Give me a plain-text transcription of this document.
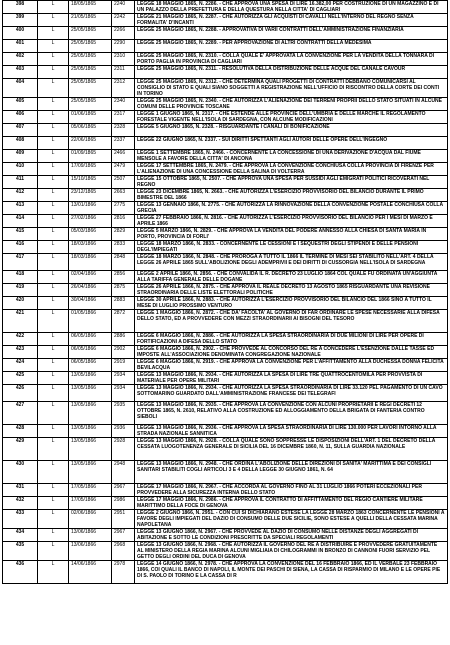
398	L	18/05/1865	2240	LEGGE 18 MAGGIO 1865, N. 2286. - CHE APPROVA UNA SPESA DI LIRE 16.382,00 PER COSTRUZIONE DI UN MAGAZZINO E DI UN PALAZZO DELLA PREFETTURA E DELLA QUESTURA NELLA CITTA' DI CAGLIARI
399	L	21/05/1865	2242	LEGGE 21 MAGGIO 1865, N. 2287. - CHE AUTORIZZA GLI ACQUISTI DI CAVALLI NELL'INTERNO DEL REGNO SENZA FORMALITA' D'INCANTI
400	L	25/05/1865	2266	LEGGE 25 MAGGIO 1865, N. 2288. - APPROVATIVA DI VARII CONTRATTI DELL'AMMINISTRAZIONE FINANZIARIA
401	L	25/05/1865	2290	LEGGE 25 MAGGIO 1865, N. 2289. - PER APPROVAZIONE DI ALTRI CONTRATTI DELLA MEDESIMA
402	L	25/05/1865	2310	LEGGE 25 MAGGIO 1865, N. 2310. - COLLA QUALE E' APPROVATA LA CONVENZIONE PER LA VENDITA DELLA TONNARA DI PORTO PAGLIA IN PROVINCIA DI CAGLIARI
403	L	25/05/1865	2311	LEGGE 25 MAGGIO 1865, N. 2311. - RESOLUTIVA DELLA DISTRIBUZIONE DELLE ACQUE DEL CANALE CAVOUR
404	L	25/05/1865	2312	LEGGE 25 MAGGIO 1865, N. 2312. - CHE DETERMINA QUALI PROGETTI DI CONTRATTI DEBBANO COMUNICARSI AL CONSIGLIO DI STATO E QUALI SIANO SOGGETTI A REGISTRAZIONE NELL'UFFICIO DI RISCONTRO DELLA CORTE DEI CONTI IN TORINO
405	L	25/05/1865	2340	LEGGE 25 MAGGIO 1865, N. 2340. - CHE AUTORIZZA L'ALIENAZIONE DEI TERRENI PROPRII DELLO STATO SITUATI IN ALCUNE COMUNI DELLE PROVINCIE TOSCANE
406	L	01/06/1865	2317	LEGGE 1 GIUGNO 1865, N. 2317. - CHE ESTENDE ALLE PROVINCIE DELL'UMBRIA E DELLE MARCHE IL REGOLAMENTO FORESTALE VIGENTE NELL'ISOLA DI SARDEGNA, CON ALCUNE MODIFICAZIONI
407	L	05/06/1865	2328	LEGGE 5 GIUGNO 1865, N. 2328. - RISGUARDANTE I CANALI DI BONIFICAZIONE
408	L	22/06/1865	2337	LEGGE 22 GIUGNO 1865, N. 2337. - SUI DIRITTI SPETTANTI AGLI AUTORI DELLE OPERE DELL'INGEGNO
409	L	01/09/1865	2466	LEGGE 1 SETTEMBRE 1865, N. 2466. - CONCERNENTE LA CONCESSIONE DI UNA DERIVAZIONE D'ACQUA DAL FIUME MENSOLE A FAVORE DELLA CITTA' DI ANCONA
410	L	17/09/1865	2479	LEGGE 17 SETTEMBRE 1865, N. 2479. - CHE APPROVA LA CONVENZIONE CONCHIUSA COLLA PROVINCIA DI FIRENZE PER L'ALIENAZIONE DI UNA CONCESSIONE DELLA SALINA DI VOLTERRA
411	L	15/10/1865	2507	LEGGE 15 OTTOBRE 1865, N. 2507. - CHE APPROVA UNA SPESA PER SUSSIDI AGLI EMIGRATI POLITICI RICOVERATI NEL REGNO
412	L	23/12/1865	2663	LEGGE 23 DICEMBRE 1865, N. 2663. - CHE AUTORIZZA L'ESERCIZIO PROVVISORIO DEL BILANCIO DURANTE IL PRIMO BIMESTRE DEL 1866
413	L	13/01/1866	2775	LEGGE 13 GENNAIO 1866, N. 2775. - CHE AUTORIZZA LA RINNOVAZIONE DELLA CONVENZIONE POSTALE CONCHIUSA COLLA GRECIA
414	L	27/02/1866	2816	LEGGE 27 FEBBRAIO 1866, N. 2816. - CHE AUTORIZZA L'ESERCIZIO PROVVISORIO DEL BILANCIO PER I MESI DI MARZO E APRILE 1866
415	L	05/03/1866	2829	LEGGE 5 MARZO 1866, N. 2829. - CHE APPROVA LA VENDITA DEL PODERE ANNESSO ALLA CHIESA DI SANTA MARIA IN PORTO, PROVINCIA DI FORLI'
416	L	18/03/1866	2833	LEGGE 18 MARZO 1866, N. 2833. - CONCERNENTE LE CESSIONI E I SEQUESTRI DEGLI STIPENDI E DELLE PENSIONI DEGL'IMPIEGATI
417	L	18/03/1866	2848	LEGGE 18 MARZO 1866, N. 2848. - CHE PROROGA A TUTTO IL 1866 IL TERMINE DI MESI SEI STABILITO NELL'ART. 4 DELLA LEGGE 26 APRILE 1865 SULL'ABOLIZIONE DEGLI ADEMPRIVII E DEI DIRITTI DI CUSSORGIA NELL'ISOLA DI SARDEGNA
418	L	02/04/1866	2856	LEGGE 2 APRILE 1866, N. 2856. - CHE CONVALIDA IL R. DECRETO 23 LUGLIO 1864 COL QUALE FU ORDINATA UN'AGGIUNTA ALLA TARIFFA GENERALE DELLE DOGANE
419	L	26/04/1866	2875	LEGGE 26 APRILE 1866, N. 2875. - CHE APPROVA IL REALE DECRETO 13 AGOSTO 1865 RISGUARDANTE UNA REVISIONE STRAORDINARIA DELLE LISTE ELETTORALI POLITICHE
420	L	30/04/1866	2883	LEGGE 30 APRILE 1866, N. 2883. - CHE AUTORIZZA L'ESERCIZIO PROVVISORIO DEL BILANCIO DEL 1866 SINO A TUTTO IL MESE DI LUGLIO PROSSIMO VENTURO
421	L	01/05/1866	2872	LEGGE 1 MAGGIO 1866, N. 2872. - CHE DA' FACOLTA' AL GOVERNO DI FAR ORDINARE LE SPESE NECESSARIE ALLA DIFESA DELLO STATO, ED A PROVVEDERE CON MEZZI STRAORDINARII AI BISOGNI DEL TESORO
422	L	06/05/1866	2886	LEGGE 6 MAGGIO 1866, N. 2886. - CHE AUTORIZZA LA SPESA STRAORDINARIA DI DUE MILIONI DI LIRE PER OPERE DI FORTIFICAZIONI A DIFESA DELLO STATO
423	L	06/05/1866	2902	LEGGE 6 MAGGIO 1866, N. 2902. - CHE PROVVEDE AL CONCORSO DEL RE A CONCEDERE L'ESENZIONE DALLE TASSE ED IMPOSTE ALL'ASSOCIAZIONE DENOMINATA CONGREGAZIONE NAZIONALE
424	L	06/05/1866	2919	LEGGE 6 MAGGIO 1866, N. 2919. - CHE APPROVA LA CONVENZIONE PER L'AFFITTAMENTO ALLA DUCHESSA DONNA FELICITA BEVILACQUA
425	L	13/05/1866	2934	LEGGE 13 MAGGIO 1866, N. 2934. - CHE AUTORIZZA LA SPESA DI LIRE TRE QUATTROCENTOMILA PER PROVVISTA DI MATERIALE PER OPERE MILITARI
426	L	13/05/1866	2934	LEGGE 13 MAGGIO 1866, N. 2934. - CHE AUTORIZZA LA SPESA STRAORDINARIA DI LIRE 33.120 PEL PAGAMENTO DI UN CAVO SOTTOMARINO GUARDATO DALL'AMMINISTRAZIONE FRANCESE DEI TELEGRAFI
427	L	13/05/1866	2935	LEGGE 13 MAGGIO 1866, N. 2935. - CHE APPROVA LA CONVENZIONE CON ALCUNI PROPRIETARII E REGI DECRETI 12 OTTOBRE 1865, N. 2610, RELATIVO ALLA COSTRUZIONE ED ALLOGGIAMENTO DELLA BRIGATA DI FANTERIA CONTRO SIEBOLI
428	L	13/05/1866	2936	LEGGE 13 MAGGIO 1866, N. 2936. - CHE APPROVA LA SPESA STRAORDINARIA DI LIRE 130.000 PER LAVORI INTORNO ALLA STRADA NAZIONALE SANNITICA
429	L	13/05/1866	2928	LEGGE 13 MAGGIO 1866, N. 2928. - COLLA QUALE SONO SOPPRESSE LE DISPOSIZIONI DELL'ART. 1 DEL DECRETO DELLA CESSATA LUOGOTENENZA GENERALE DI SICILIA DEL 16 DICEMBRE 1860, N. 11, SULLA GUARDIA NAZIONALE
430	L	13/05/1866	2948	LEGGE 13 MAGGIO 1866, N. 2948. - CHE ORDINA L'ABOLIZIONE DELLE DIREZIONI DI SANITA' MARITTIMA E DEI CONSIGLI SANITARI STABILITI COGLI ARTICOLI 3 E 4 DELLA LEGGE 30 GIUGNO 1861, N. 64
431	L	17/05/1866	2967	LEGGE 17 MAGGIO 1866, N. 2967. - CHE ACCORDA AL GOVERNO FINO AL 31 LUGLIO 1866 POTERI ECCEZIONALI PER PROVVEDERE ALLA SICUREZZA INTERNA DELLO STATO
432	L	17/05/1866	2986	LEGGE 17 MAGGIO 1866, N. 2986. - CHE APPROVA IL CONTRATTO DI AFFITTAMENTO DEL REGIO CANTIERE MILITARE MARITTIMO DELLA FOCE DI GENOVA
433	L	02/06/1866	2951	LEGGE 2 GIUGNO 1866, N. 2951. - CON CUI SI DICHIARANO ESTESE LA LEGGE 28 MARZO 1863 CONCERNENTE LE PENSIONI A FAVORE DEGLI IMPIEGATI DEL DAZIO DI CONSUMO DELLE DUE SICILIE, SONO ESTESE A QUELLI DELLA CESSATA MARINA NAPOLETANA
434	L	13/06/1866	2967	LEGGE 13 GIUGNO 1866, N. 2967. - CHE PROVVEDE AL DAZIO DI CONSUMO NELLE DISTANZE DEGLI AGGREGATI DI ABITAZIONE E SOTTO LE CONDIZIONI PRESCRITTE DA SPECIALI REGOLAMENTI
435	L	13/06/1866	2968	LEGGE 13 GIUGNO 1866, N. 2968. - CHE AUTORIZZA IL GOVERNO DEL RE A DISTRIBUIRE E PROVVEDERE GRATUITAMENTE AL MINISTERO DELLA REGIA MARINA ALCUNI MIGLIAIA DI CHILOGRAMMI IN BRONZO DI CANNONI FUORI SERVIZIO PEL GETTO DEGLI ORDINI DEL DUCA DI GENOVA
436	L	14/06/1866	2978	LEGGE 14 GIUGNO 1866, N. 2978. - CHE APPROVA LA CONVENZIONE DEL 16 FEBBRAIO 1866, ED IL VERBALE 23 FEBBRAIO 1866, COI QUALI IL BANCO DI NAPOLI, IL MONTE DEI PASCHI DI SIENA, LA CASSA DI RISPARMIO DI MILANO E LE OPERE PIE DI S. PAOLO DI TORINO E LA CASSA DI R
